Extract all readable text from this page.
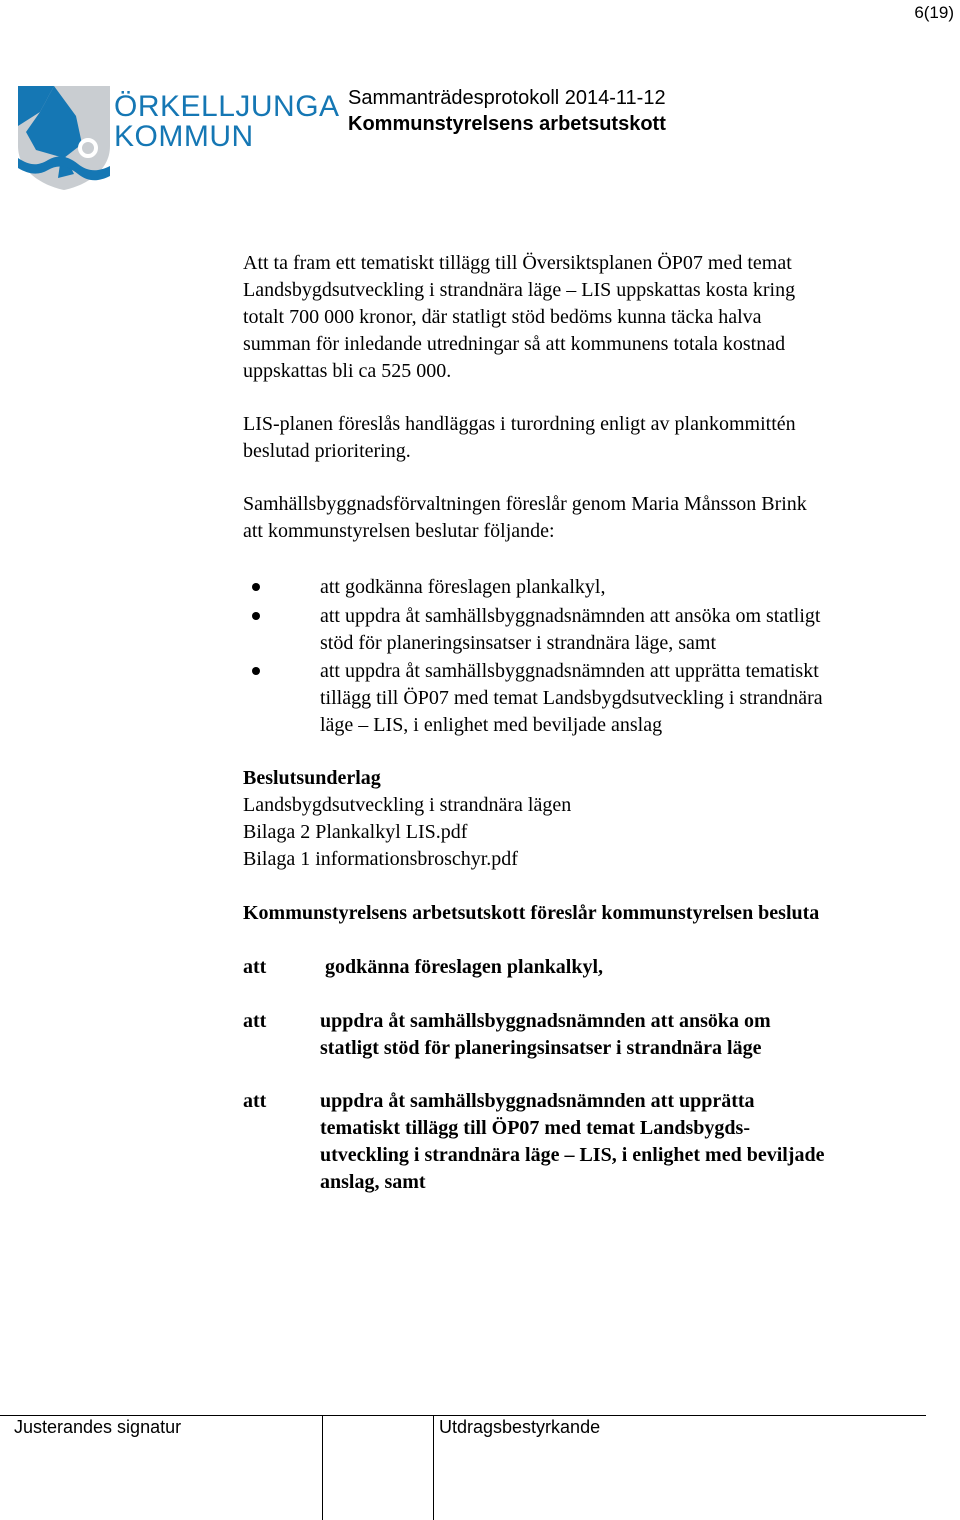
6(19)
ÖRKELLJUNGA
KOMMUN
Sammanträdesprotokoll 2014-11-12
Kommunstyrelsens arbetsutskott
Att ta fram ett tematiskt tillägg till Översiktsplanen ÖP07 med temat
Landsbygdsutveckling i strandnära läge – LIS uppskattas kosta kring
totalt 700 000 kronor, där statligt stöd bedöms kunna täcka halva
summan för inledande utredningar så att kommunens totala kostnad
uppskattas bli ca 525 000.
LIS-planen föreslås handläggas i turordning enligt av plankommittén
beslutad prioritering.
Samhällsbyggnadsförvaltningen föreslår genom Maria Månsson Brink
att kommunstyrelsen beslutar följande:
att godkänna föreslagen plankalkyl,
att uppdra åt samhällsbyggnadsnämnden att ansöka om statligt
stöd för planeringsinsatser i strandnära läge, samt
att uppdra åt samhällsbyggnadsnämnden att upprätta tematiskt
tillägg till ÖP07 med temat Landsbygdsutveckling i strandnära
läge – LIS, i enlighet med beviljade anslag
Beslutsunderlag
Landsbygdsutveckling i strandnära lägen
Bilaga 2 Plankalkyl LIS.pdf
Bilaga 1 informationsbroschyr.pdf
Kommunstyrelsens arbetsutskott föreslår kommunstyrelsen besluta
att	godkänna föreslagen plankalkyl,
att	uppdra åt samhällsbyggnadsnämnden att ansöka om
statligt stöd för planeringsinsatser i strandnära läge
att	uppdra åt samhällsbyggnadsnämnden att upprätta
tematiskt tillägg till ÖP07 med temat Landsbygds-
utveckling i strandnära läge – LIS, i enlighet med beviljade
anslag, samt
Justerandes signatur	Utdragsbestyrkande
